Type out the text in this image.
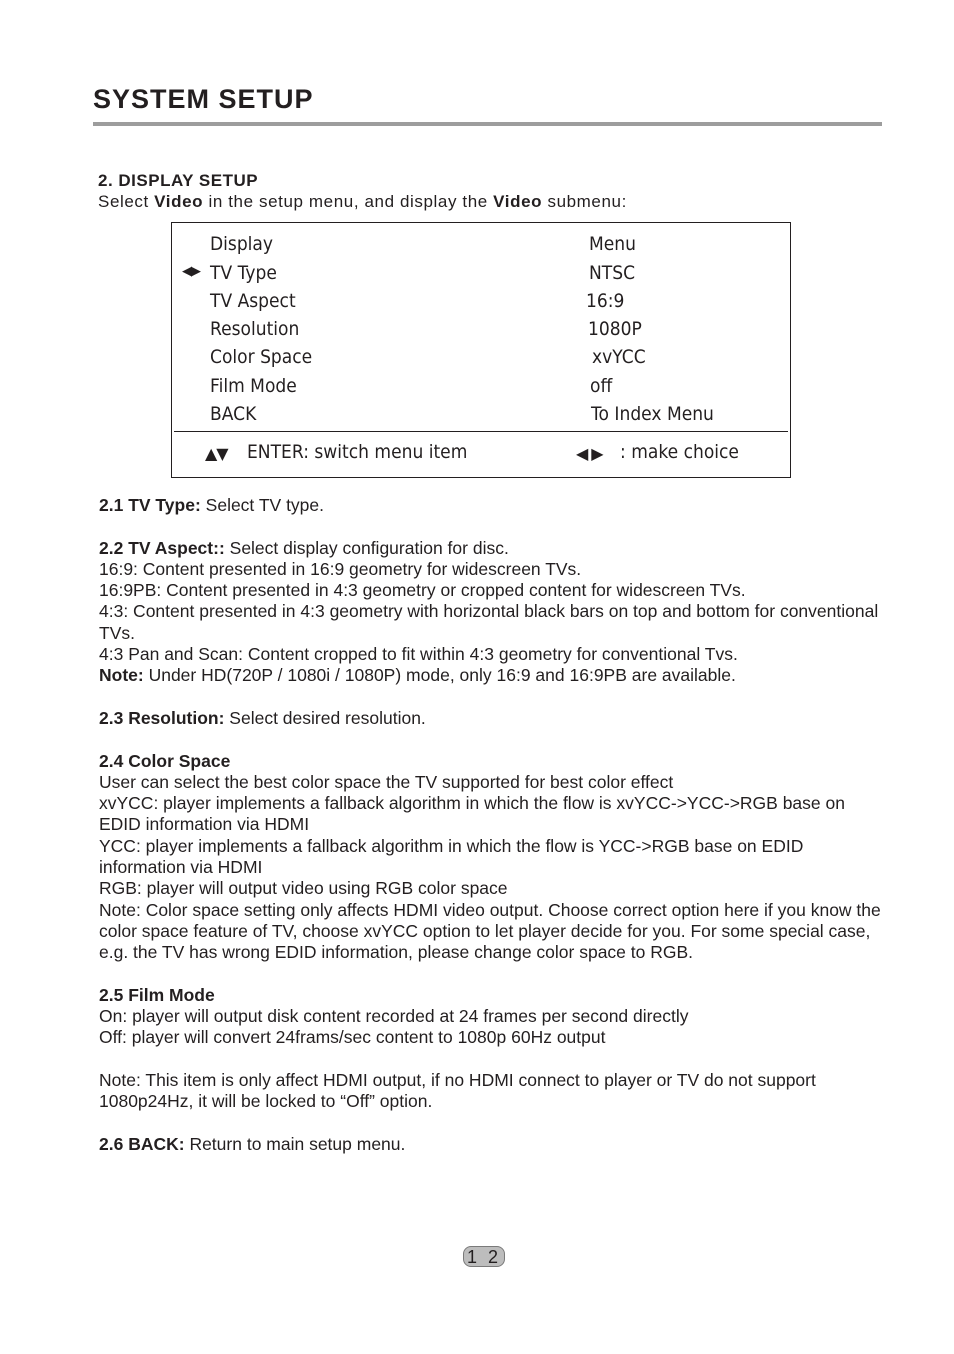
SYSTEM SETUP
2. DISPLAY SETUP
Select Video in the setup menu, and display the Video submenu:
Display	Menu
◀▶ TV Type	NTSC
TV Aspect	16:9
Resolution	1080P
Color Space	xvYCC
Film Mode	off
BACK	To Index Menu
▲▼ ENTER: switch menu item	◀▶ : make choice

2.1 TV Type: Select TV type.

2.2 TV Aspect:: Select display configuration for disc.

16:9: Content presented in 16:9 geometry for widescreen TVs.

16:9PB: Content presented in 4:3 geometry or cropped content for widescreen TVs.

4:3: Content presented in 4:3 geometry with horizontal black bars on top and bottom for conventional TVs.

4:3 Pan and Scan: Content cropped to fit within 4:3 geometry for conventional Tvs.

Note: Under HD(720P / 1080i / 1080P) mode, only 16:9 and 16:9PB are available.

2.3 Resolution: Select desired resolution.

2.4 Color Space

User can select the best color space the TV supported for best color effect

xvYCC: player implements a fallback algorithm in which the flow is xvYCC->YCC->RGB base on EDID information via HDMI

YCC: player implements a fallback algorithm in which the flow is YCC->RGB base on EDID information via HDMI

RGB: player will output video using RGB color space

Note: Color space setting only affects HDMI video output. Choose correct option here if you know the color space feature of TV, choose xvYCC option to let player decide for you. For some special case, e.g. the TV has wrong EDID information, please change color space to RGB.

2.5 Film Mode

On: player will output disk content recorded at 24 frames per second directly

Off: player will convert 24frams/sec content to 1080p 60Hz output

Note: This item is only affect HDMI output, if no HDMI connect to player or TV do not support 1080p24Hz, it will be locked to “Off” option.

2.6 BACK: Return to main setup menu.

1 2
